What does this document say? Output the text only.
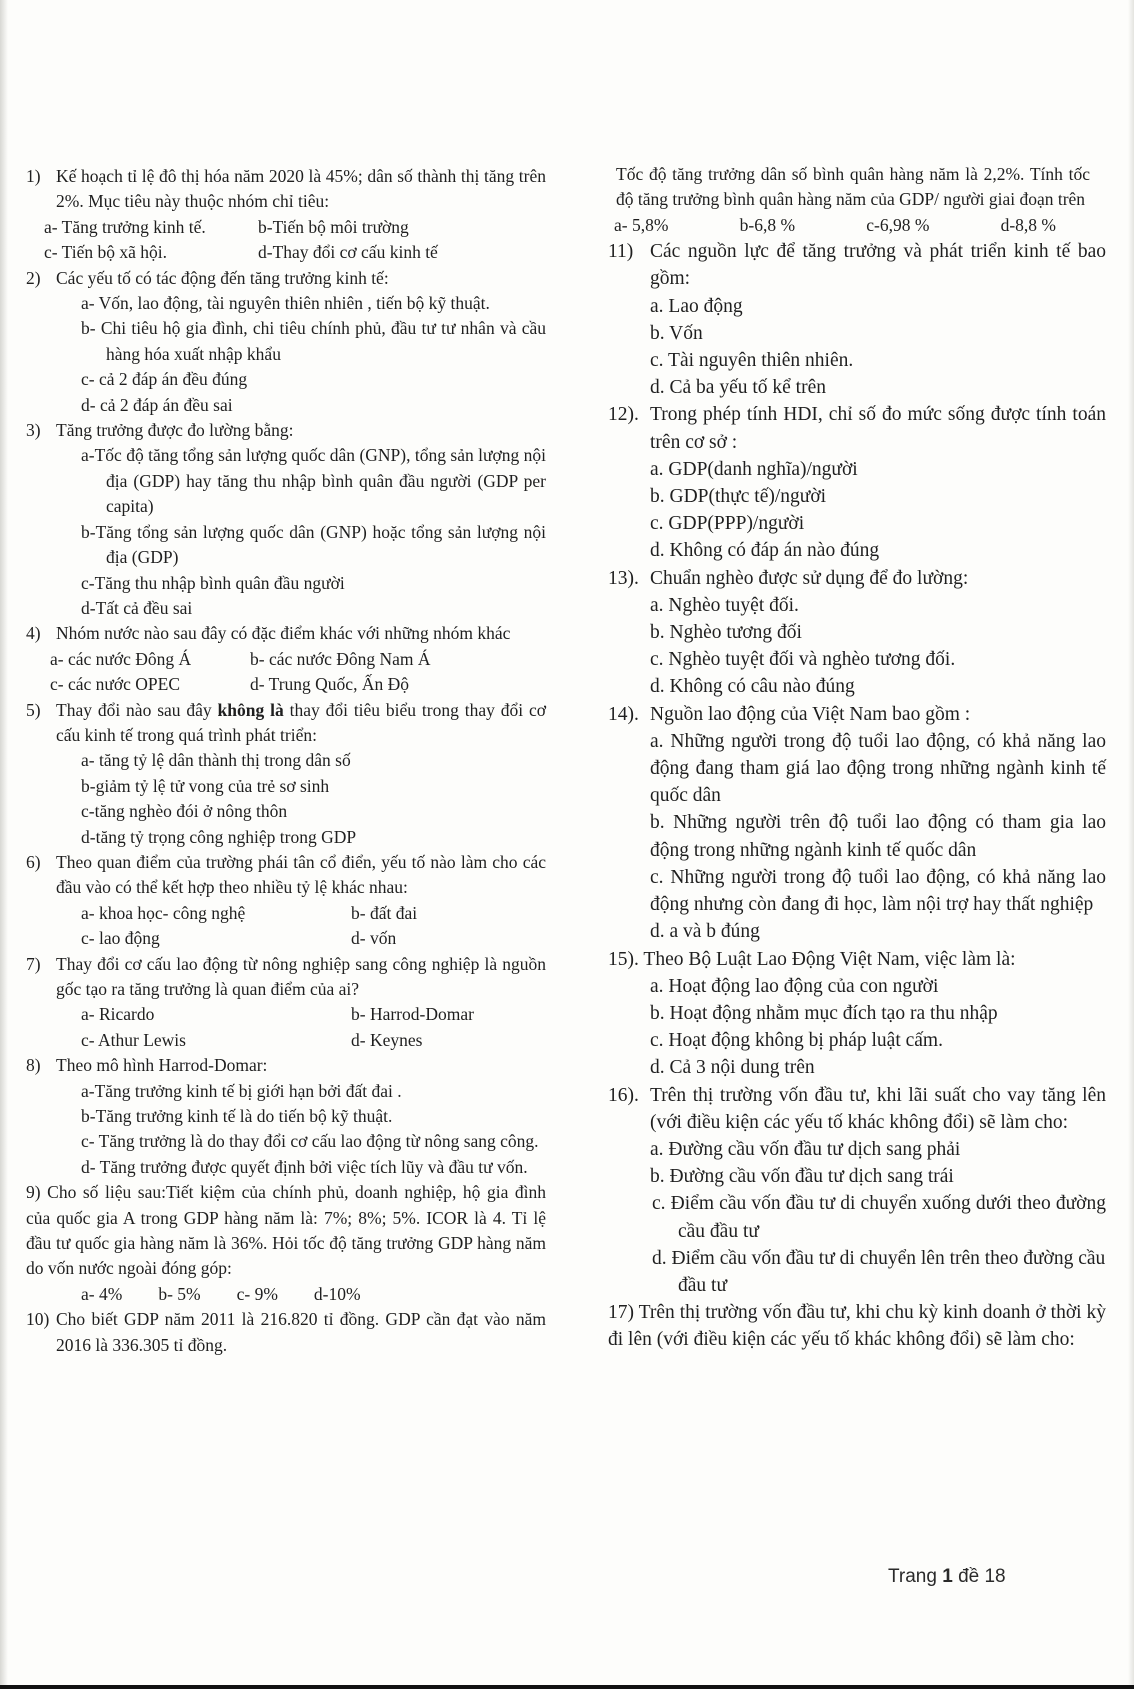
1) Kế hoạch tỉ lệ đô thị hóa năm 2020 là 45%; dân số thành thị tăng trên 2%. Mục tiêu này thuộc nhóm chỉ tiêu:
a- Tăng trưởng kinh tế.	b-Tiến bộ môi trường
c- Tiến bộ xã hội.	d-Thay đổi cơ cấu kinh tế
2) Các yếu tố có tác động đến tăng trưởng kinh tế:
a- Vốn, lao động, tài nguyên thiên nhiên , tiến bộ kỹ thuật.
b- Chi tiêu hộ gia đình, chi tiêu chính phủ, đầu tư tư nhân và cầu hàng hóa xuất nhập khẩu
c- cả 2 đáp án đều đúng
d- cả 2 đáp án đều sai
3) Tăng trưởng được đo lường bằng:
a-Tốc độ tăng tổng sản lượng quốc dân (GNP), tổng sản lượng nội địa (GDP) hay tăng thu nhập bình quân đầu người (GDP per capita)
b-Tăng tổng sản lượng quốc dân (GNP) hoặc tổng sản lượng nội địa (GDP)
c-Tăng thu nhập bình quân đầu người
d-Tất cả đều sai
4) Nhóm nước nào sau đây có đặc điểm khác với những nhóm khác
a- các nước Đông Á	b- các nước Đông Nam Á
c- các nước OPEC	d- Trung Quốc, Ấn Độ
5) Thay đổi nào sau đây không là thay đổi tiêu biểu trong thay đổi cơ cấu kinh tế trong quá trình phát triển:
a- tăng tỷ lệ dân thành thị trong dân số
b-giảm tỷ lệ tử vong của trẻ sơ sinh
c-tăng nghèo đói ở nông thôn
d-tăng tỷ trọng công nghiệp trong GDP
6) Theo quan điểm của trường phái tân cổ điển, yếu tố nào làm cho các đầu vào có thể kết hợp theo nhiều tỷ lệ khác nhau:
a- khoa học- công nghệ	b- đất đai
c- lao động	d- vốn
7) Thay đổi cơ cấu lao động từ nông nghiệp sang công nghiệp là nguồn gốc tạo ra tăng trưởng là quan điểm của ai?
a- Ricardo	b- Harrod-Domar
c- Athur Lewis	d- Keynes
8) Theo mô hình Harrod-Domar:
a-Tăng trưởng kinh tế bị giới hạn bởi đất đai .
b-Tăng trưởng kinh tế là do tiến bộ kỹ thuật.
c- Tăng trưởng là do thay đổi cơ cấu lao động từ nông sang công.
d- Tăng trưởng được quyết định bởi việc tích lũy và đầu tư vốn.
9) Cho số liệu sau:Tiết kiệm của chính phủ, doanh nghiệp, hộ gia đình của quốc gia A trong GDP hàng năm là: 7%; 8%; 5%. ICOR là 4. Tỉ lệ đầu tư quốc gia hàng năm là 36%. Hỏi tốc độ tăng trưởng GDP hàng năm do vốn nước ngoài đóng góp:
a- 4% b- 5% c- 9% d-10%
10) Cho biết GDP năm 2011 là 216.820 tỉ đồng. GDP cần đạt vào năm 2016 là 336.305 tỉ đồng.
Tốc độ tăng trưởng dân số bình quân hàng năm là 2,2%. Tính tốc độ tăng trưởng bình quân hàng năm của GDP/ người giai đoạn trên
a- 5,8%	b-6,8 %	c-6,98 %	d-8,8 %
11) Các nguồn lực để tăng trưởng và phát triển kinh tế bao gồm:
a. Lao động
b. Vốn
c. Tài nguyên thiên nhiên.
d. Cả ba yếu tố kể trên
12). Trong phép tính HDI, chỉ số đo mức sống được tính toán trên cơ sở :
a. GDP(danh nghĩa)/người
b. GDP(thực tế)/người
c. GDP(PPP)/người
d. Không có đáp án nào đúng
13). Chuẩn nghèo được sử dụng để đo lường:
a. Nghèo tuyệt đối.
b. Nghèo tương đối
c. Nghèo tuyệt đối và nghèo tương đối.
d. Không có câu nào đúng
14). Nguồn lao động của Việt Nam bao gồm :
a. Những người trong độ tuổi lao động, có khả năng lao động đang tham giá lao động trong những ngành kinh tế quốc dân
b. Những người trên độ tuổi lao động có tham gia lao động trong những ngành kinh tế quốc dân
c. Những người trong độ tuổi lao động, có khả năng lao động nhưng còn đang đi học, làm nội trợ hay thất nghiệp
d. a và b đúng
15). Theo Bộ Luật Lao Động Việt Nam, việc làm là:
a. Hoạt động lao động của con người
b. Hoạt động nhằm mục đích tạo ra thu nhập
c. Hoạt động không bị pháp luật cấm.
d. Cả 3 nội dung trên
16). Trên thị trường vốn đầu tư, khi lãi suất cho vay tăng lên (với điều kiện các yếu tố khác không đổi) sẽ làm cho:
a. Đường cầu vốn đầu tư dịch sang phải
b. Đường cầu vốn đầu tư dịch sang trái
c. Điểm cầu vốn đầu tư di chuyển xuống dưới theo đường cầu đầu tư
d. Điểm cầu vốn đầu tư di chuyển lên trên theo đường cầu đầu tư
17) Trên thị trường vốn đầu tư, khi chu kỳ kinh doanh ở thời kỳ đi lên (với điều kiện các yếu tố khác không đổi) sẽ làm cho:
Trang 1 đề 18
